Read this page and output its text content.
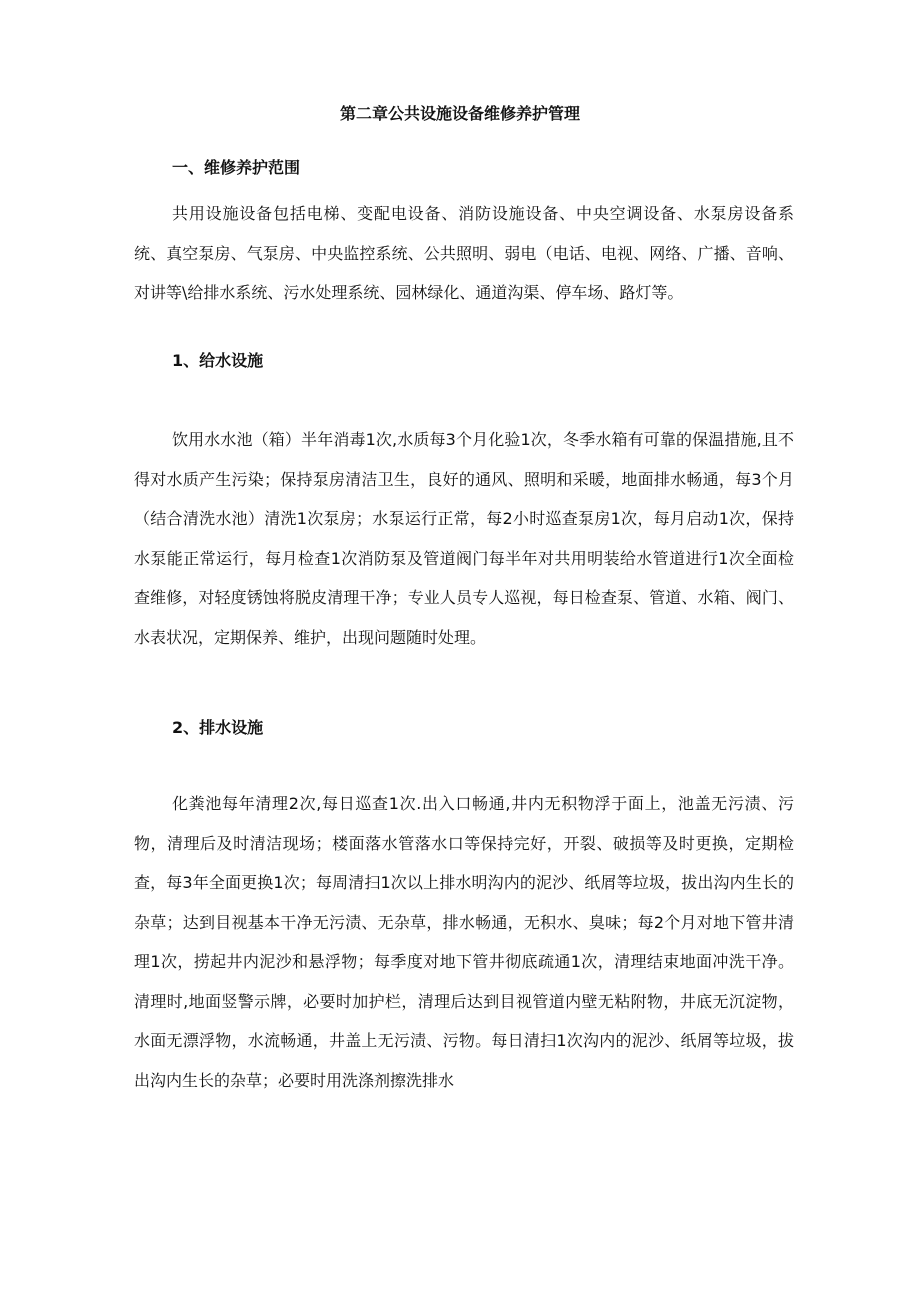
第二章公共设施设备维修养护管理
一、维修养护范围

共用设施设备包括电梯、变配电设备、消防设施设备、中央空调设备、水泵房设备系统、真空泵房、气泵房、中央监控系统、公共照明、弱电（电话、电视、网络、广播、音响、对讲等\给排水系统、污水处理系统、园林绿化、通道沟渠、停车场、路灯等。

1、给水设施

饮用水水池（箱）半年消毒1次,水质每3个月化验1次，冬季水箱有可靠的保温措施,且不得对水质产生污染；保持泵房清洁卫生，良好的通风、照明和采暖，地面排水畅通，每3个月（结合清洗水池）清洗1次泵房；水泵运行正常，每2小时巡查泵房1次，每月启动1次，保持水泵能正常运行，每月检查1次消防泵及管道阀门每半年对共用明装给水管道进行1次全面检查维修，对轻度锈蚀将脱皮清理干净；专业人员专人巡视，每日检查泵、管道、水箱、阀门、水表状况，定期保养、维护，出现问题随时处理。

2、排水设施

化粪池每年清理2次,每日巡查1次.出入口畅通,井内无积物浮于面上，池盖无污渍、污物，清理后及时清洁现场；楼面落水管落水口等保持完好，开裂、破损等及时更换，定期检查，每3年全面更换1次；每周清扫1次以上排水明沟内的泥沙、纸屑等垃圾，拔出沟内生长的杂草；达到目视基本干净无污渍、无杂草，排水畅通，无积水、臭味；每2个月对地下管井清理1次，捞起井内泥沙和悬浮物；每季度对地下管井彻底疏通1次，清理结束地面冲洗干净。清理时,地面竖警示牌，必要时加护栏，清理后达到目视管道内壁无粘附物，井底无沉淀物，水面无漂浮物，水流畅通，井盖上无污渍、污物。每日清扫1次沟内的泥沙、纸屑等垃圾，拔出沟内生长的杂草；必要时用洗涤剂擦洗排水
